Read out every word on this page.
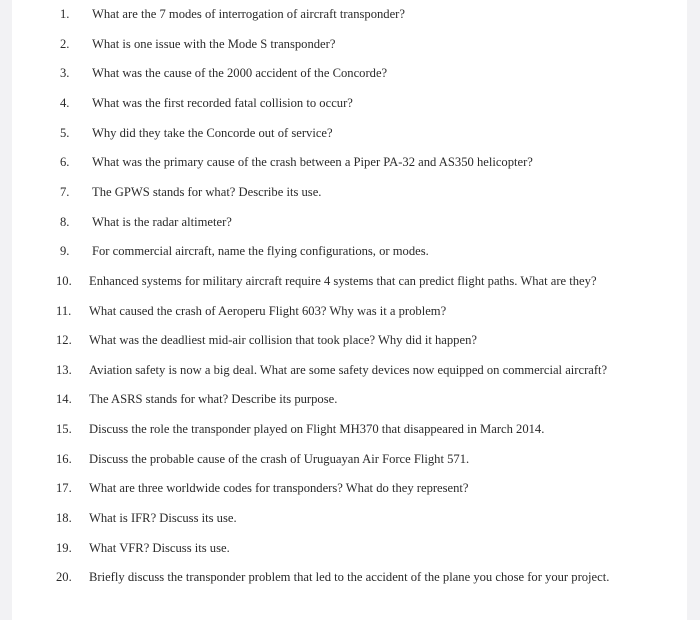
1.	What are the 7 modes of interrogation of aircraft transponder?
2.	What is one issue with the Mode S transponder?
3.	What was the cause of the 2000 accident of the Concorde?
4.	What was the first recorded fatal collision to occur?
5.	Why did they take the Concorde out of service?
6.	What was the primary cause of the crash between a Piper PA-32 and AS350 helicopter?
7.	The GPWS stands for what? Describe its use.
8.	What is the radar altimeter?
9.	For commercial aircraft, name the flying configurations, or modes.
10.	Enhanced systems for military aircraft require 4 systems that can predict flight paths. What are they?
11.	What caused the crash of Aeroperu Flight 603? Why was it a problem?
12.	What was the deadliest mid-air collision that took place? Why did it happen?
13.	Aviation safety is now a big deal. What are some safety devices now equipped on commercial aircraft?
14.	The ASRS stands for what? Describe its purpose.
15.	Discuss the role the transponder played on Flight MH370 that disappeared in March 2014.
16.	Discuss the probable cause of the crash of Uruguayan Air Force Flight 571.
17.	What are three worldwide codes for transponders? What do they represent?
18.	What is IFR? Discuss its use.
19.	What VFR? Discuss its use.
20.	Briefly discuss the transponder problem that led to the accident of the plane you chose for your project.
